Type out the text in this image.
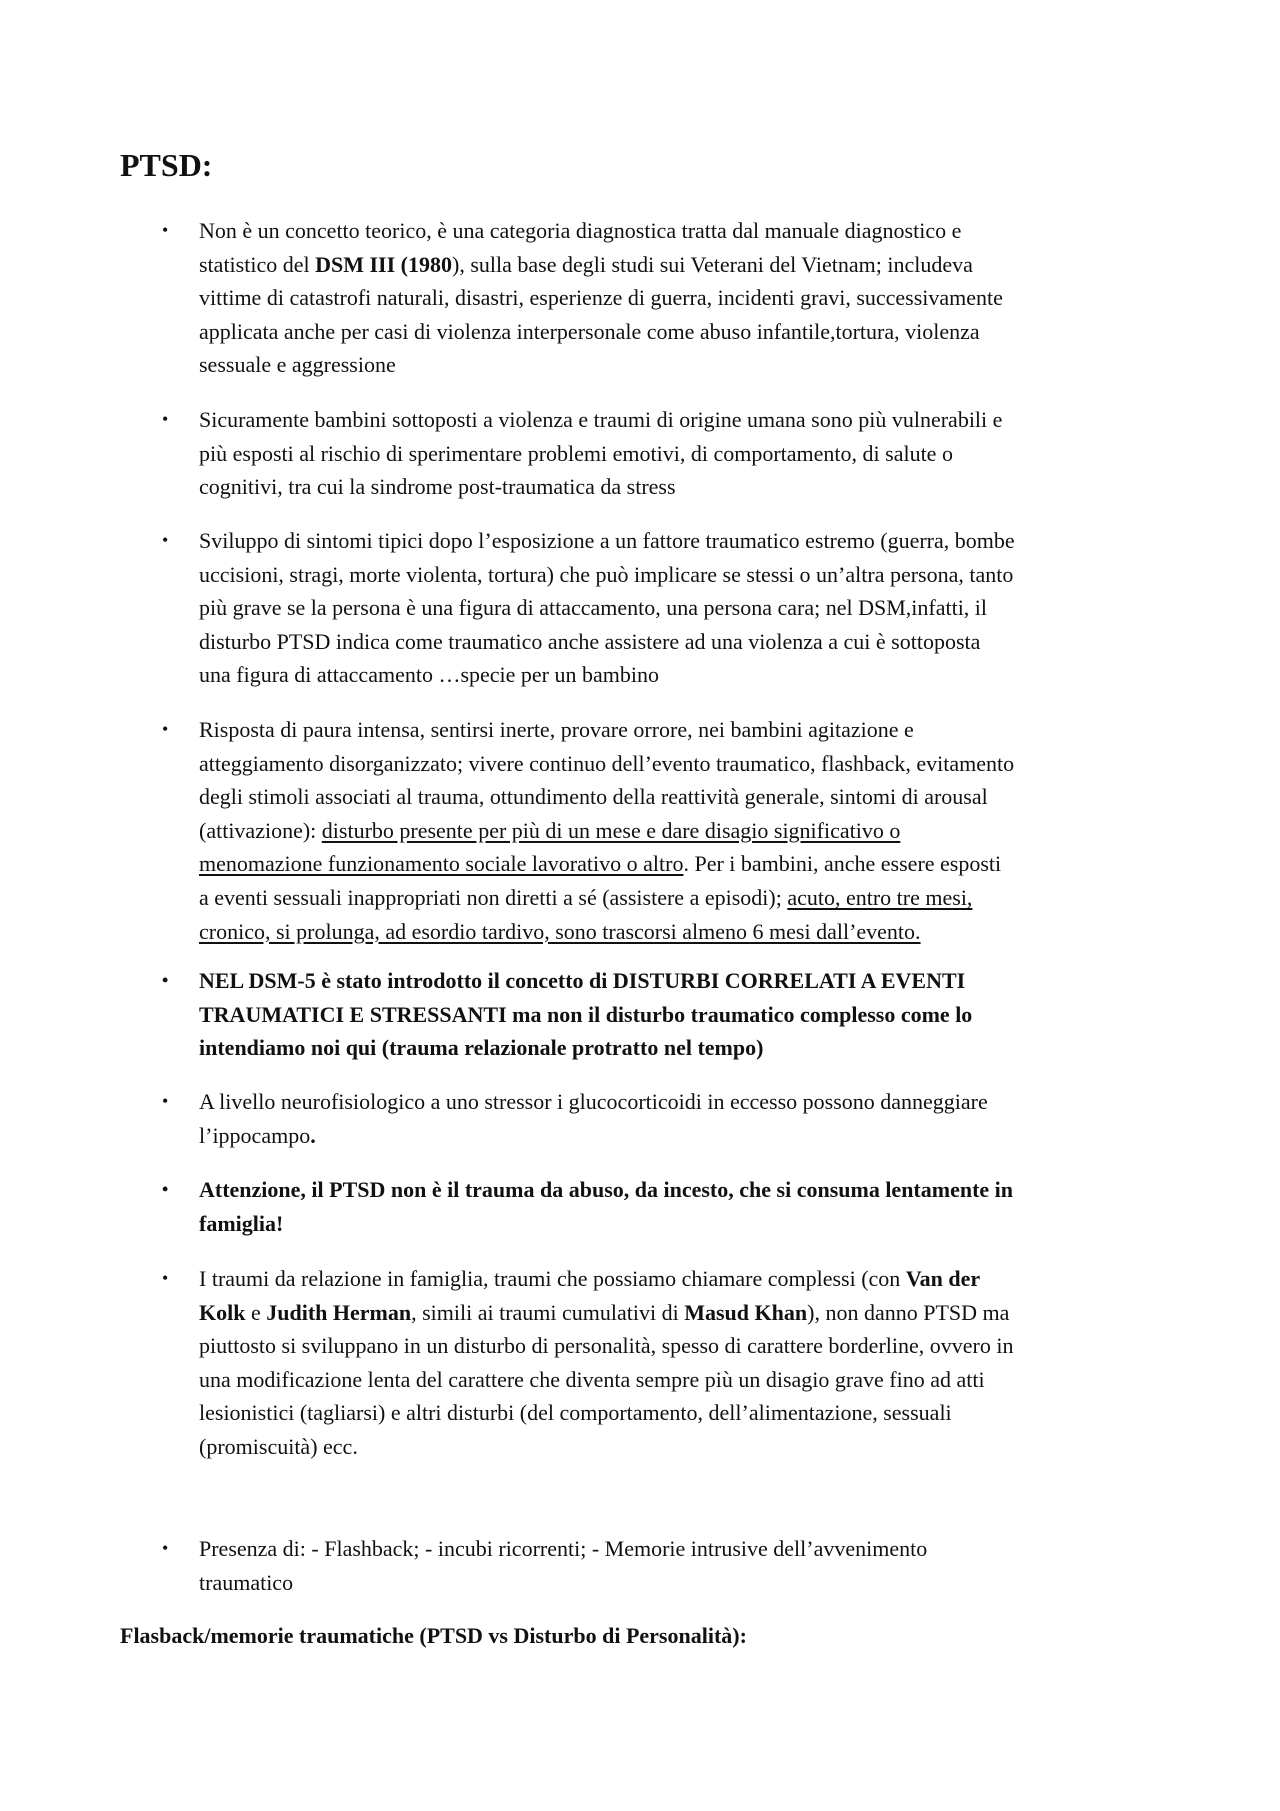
PTSD:
• Non è un concetto teorico, è una categoria diagnostica tratta dal manuale diagnostico e
statistico del DSM III (1980), sulla base degli studi sui Veterani del Vietnam; includeva
vittime di catastrofi naturali, disastri, esperienze di guerra, incidenti gravi, successivamente
applicata anche per casi di violenza interpersonale come abuso infantile,tortura, violenza
sessuale e aggressione
• Sicuramente bambini sottoposti a violenza e traumi di origine umana sono più vulnerabili e
più esposti al rischio di sperimentare problemi emotivi, di comportamento, di salute o
cognitivi, tra cui la sindrome post-traumatica da stress
• Sviluppo di sintomi tipici dopo l’esposizione a un fattore traumatico estremo (guerra, bombe
uccisioni, stragi, morte violenta, tortura) che può implicare se stessi o un’altra persona, tanto
più grave se la persona è una figura di attaccamento, una persona cara; nel DSM,infatti, il
disturbo PTSD indica come traumatico anche assistere ad una violenza a cui è sottoposta
una figura di attaccamento …specie per un bambino
• Risposta di paura intensa, sentirsi inerte, provare orrore, nei bambini agitazione e
atteggiamento disorganizzato; vivere continuo dell’evento traumatico, flashback, evitamento
degli stimoli associati al trauma, ottundimento della reattività generale, sintomi di arousal
(attivazione): disturbo presente per più di un mese e dare disagio significativo o
menomazione funzionamento sociale lavorativo o altro. Per i bambini, anche essere esposti
a eventi sessuali inappropriati non diretti a sé (assistere a episodi); acuto, entro tre mesi,
cronico, si prolunga, ad esordio tardivo, sono trascorsi almeno 6 mesi dall’evento.
• NEL DSM-5 è stato introdotto il concetto di DISTURBI CORRELATI A EVENTI
TRAUMATICI E STRESSANTI ma non il disturbo traumatico complesso come lo
intendiamo noi qui (trauma relazionale protratto nel tempo)
• A livello neurofisiologico a uno stressor i glucocorticoidi in eccesso possono danneggiare
l’ippocampo.
• Attenzione, il PTSD non è il trauma da abuso, da incesto, che si consuma lentamente in
famiglia!
• I traumi da relazione in famiglia, traumi che possiamo chiamare complessi (con Van der
Kolk e Judith Herman, simili ai traumi cumulativi di Masud Khan), non danno PTSD ma
piuttosto si sviluppano in un disturbo di personalità, spesso di carattere borderline, ovvero in
una modificazione lenta del carattere che diventa sempre più un disagio grave fino ad atti
lesionistici (tagliarsi) e altri disturbi (del comportamento, dell’alimentazione, sessuali
(promiscuità) ecc.
• Presenza di: - Flashback; - incubi ricorrenti; - Memorie intrusive dell’avvenimento
traumatico
Flasback/memorie traumatiche (PTSD vs Disturbo di Personalità):
